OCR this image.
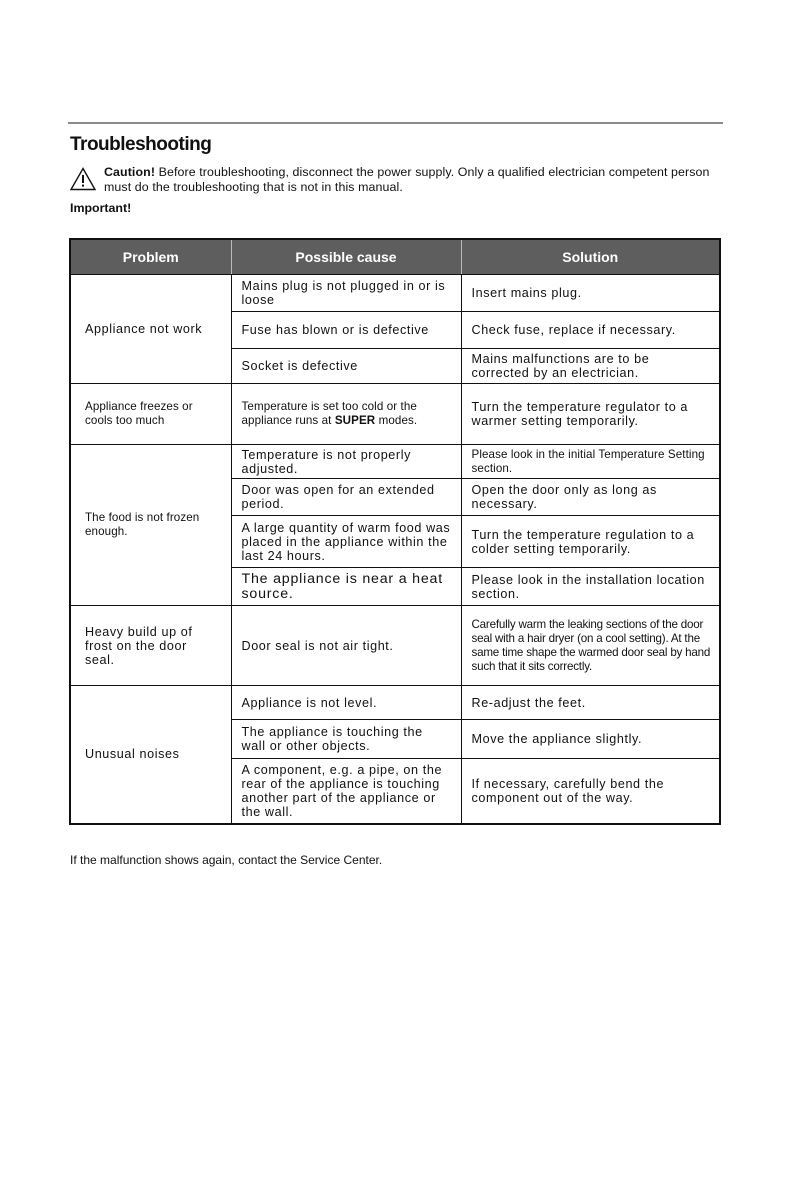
Troubleshooting
Caution! Before troubleshooting, disconnect the power supply. Only a qualified electrician competent person must do the troubleshooting that is not in this manual.
Important!
Problem	Possible cause	Solution

Appliance not work	Mains plug is not plugged in or is loose	Insert mains plug.
	Fuse has blown or is defective	Check fuse, replace if necessary.
	Socket is defective	Mains malfunctions are to be corrected by an electrician.
Appliance freezes or cools too much	Temperature is set too cold or the appliance runs at SUPER modes.	Turn the temperature regulator to a warmer setting temporarily.
The food is not frozen enough.	Temperature is not properly adjusted.	Please look in the initial Temperature Setting section.
	Door was open for an extended period.	Open the door only as long as necessary.
	A large quantity of warm food was placed in the appliance within the last 24 hours.	Turn the temperature regulation to a colder setting temporarily.
	The appliance is near a heat source.	Please look in the installation location section.
Heavy build up of frost on the door seal.	Door seal is not air tight.	Carefully warm the leaking sections of the door seal with a hair dryer (on a cool setting). At the same time shape the warmed door seal by hand such that it sits correctly.
Unusual noises	Appliance is not level.	Re-adjust the feet.
	The appliance is touching the wall or other objects.	Move the appliance slightly.
	A component, e.g. a pipe, on the rear of the appliance is touching another part of the appliance or the wall.	If necessary, carefully bend the component out of the way.
If the malfunction shows again, contact the Service Center.
